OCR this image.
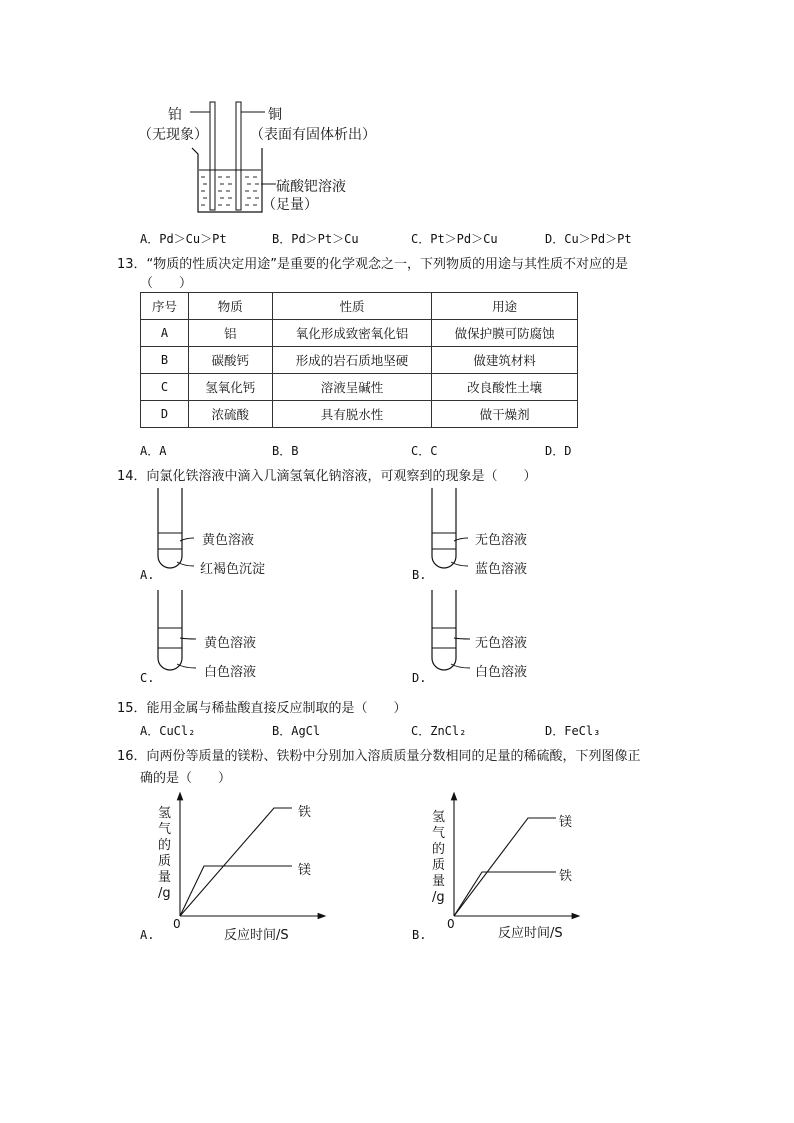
铂
（无现象）
铜
（表面有固体析出）
硫酸钯溶液
（足量）
A．Pd＞Cu＞Pt	B．Pd＞Pt＞Cu	C．Pt＞Pd＞Cu	D．Cu＞Pd＞Pt
13．“物质的性质决定用途”是重要的化学观念之一，下列物质的用途与其性质不对应的是
（　　）
序号	物质	性质	用途
A	铝	氧化形成致密氧化铝	做保护膜可防腐蚀
B	碳酸钙	形成的岩石质地坚硬	做建筑材料
C	氢氧化钙	溶液呈碱性	改良酸性土壤
D	浓硫酸	具有脱水性	做干燥剂
A．A	B．B	C．C	D．D
14．向氯化铁溶液中滴入几滴氢氧化钠溶液，可观察到的现象是（　　）
黄色溶液
红褐色沉淀
A.
无色溶液
蓝色溶液
B.
黄色溶液
白色溶液
C.
无色溶液
白色溶液
D.
15．能用金属与稀盐酸直接反应制取的是（　　）
A．CuCl₂	B．AgCl	C．ZnCl₂	D．FeCl₃
16．向两份等质量的镁粉、铁粉中分别加入溶质质量分数相同的足量的稀硫酸，下列图像正
确的是（　　）
氢
气
的
质
量
/g
铁
镁
0
反应时间/S
A.
氢
气
的
质
量
/g
镁
铁
0
反应时间/S
B.
